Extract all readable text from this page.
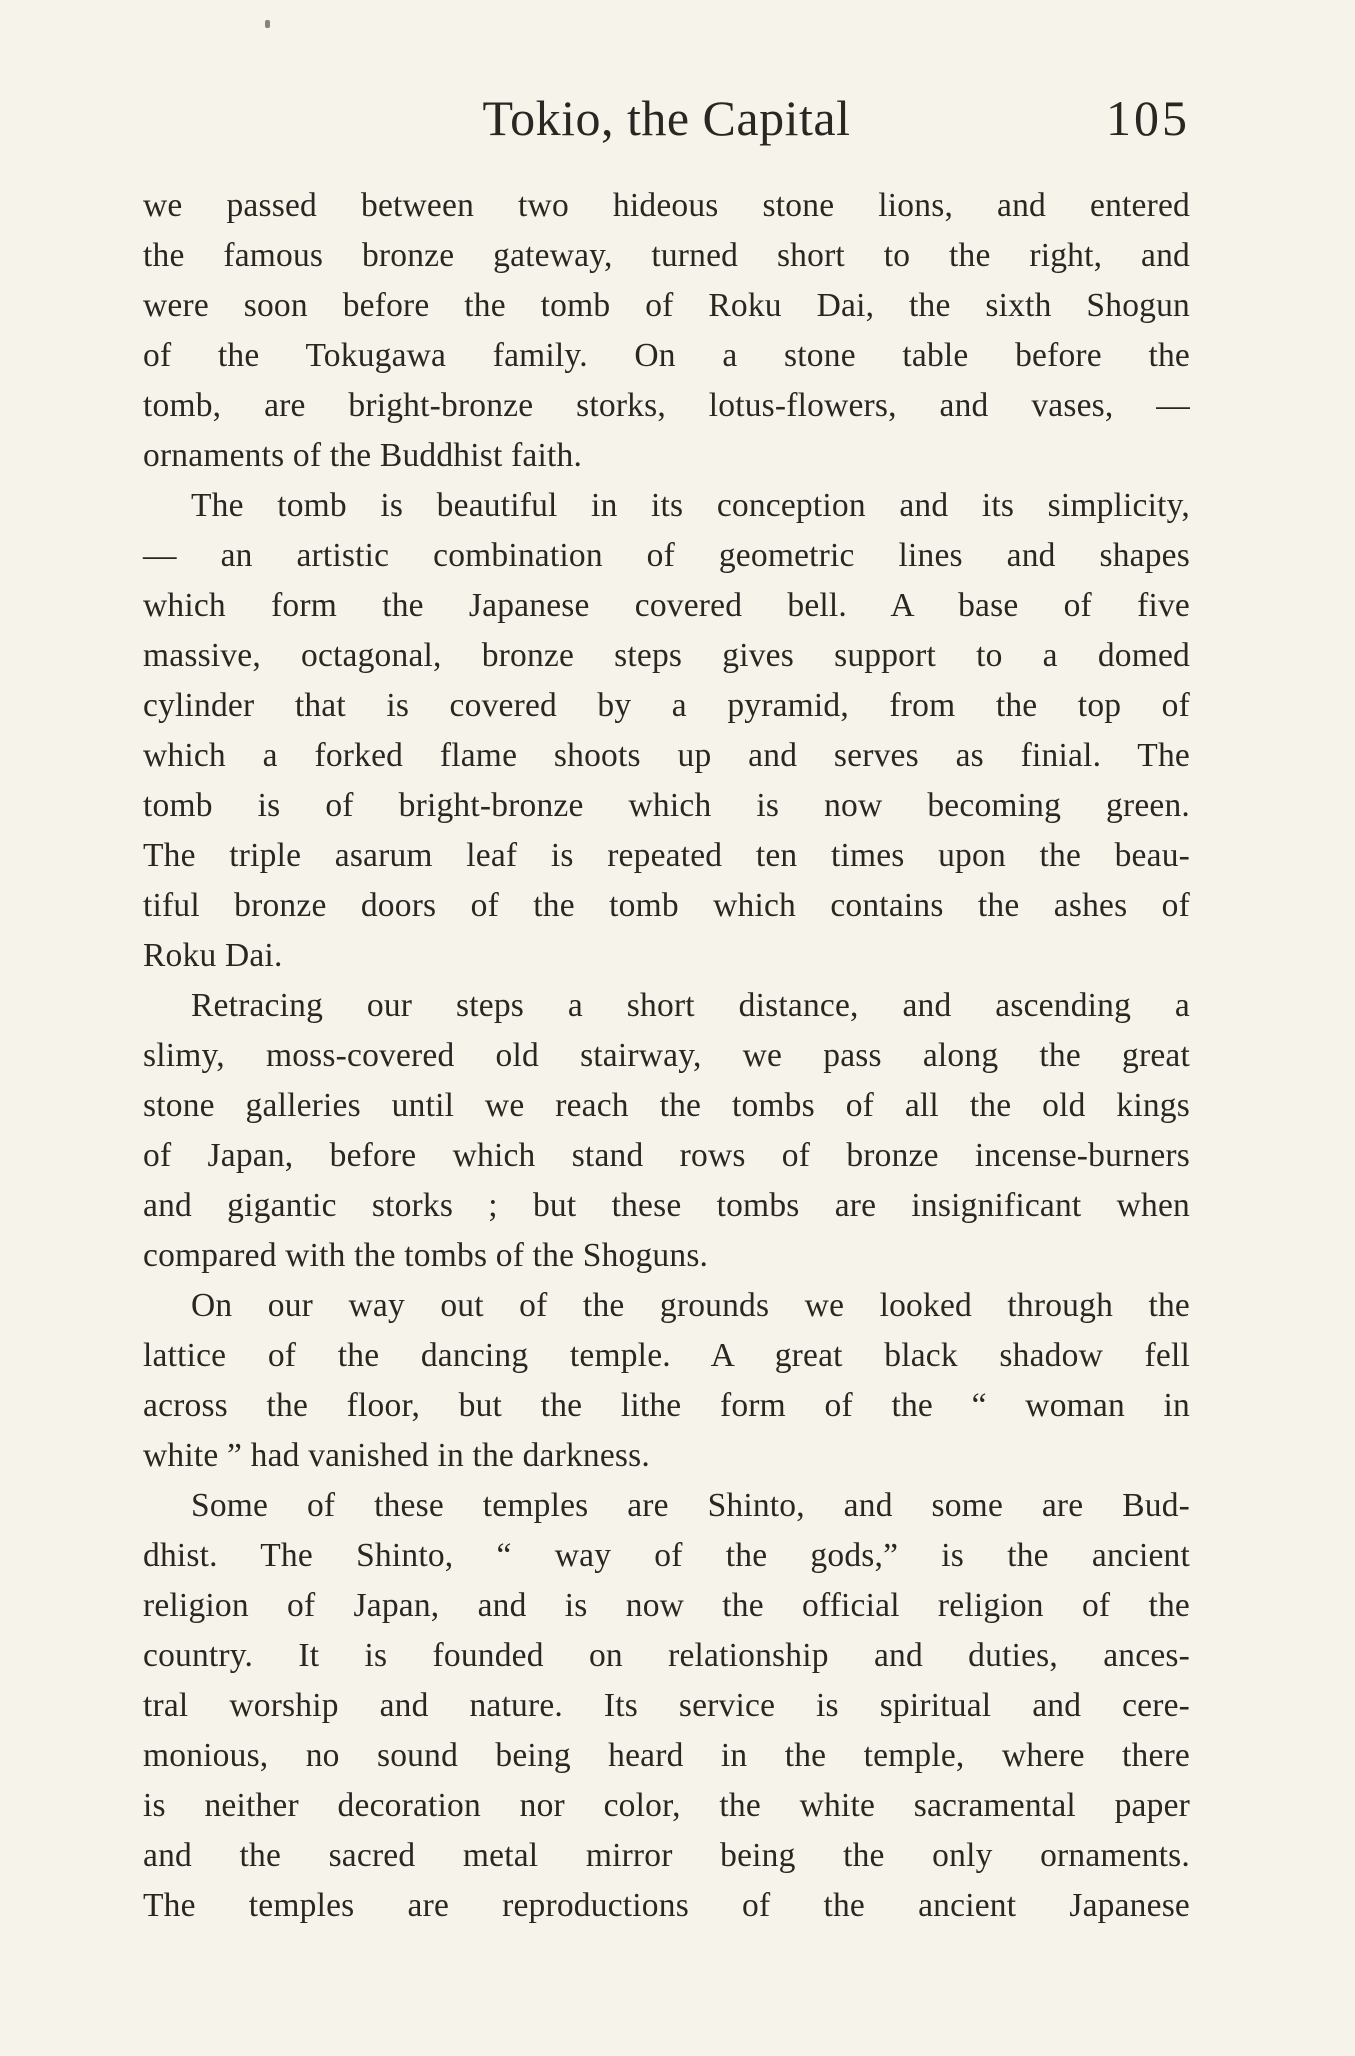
Tokio, the Capital	105
we passed between two hideous stone lions, and entered
the famous bronze gateway, turned short to the right, and
were soon before the tomb of Roku Dai, the sixth Shogun
of the Tokugawa family. On a stone table before the
tomb, are bright-bronze storks, lotus-flowers, and vases, —
ornaments of the Buddhist faith.
The tomb is beautiful in its conception and its simplicity,
— an artistic combination of geometric lines and shapes
which form the Japanese covered bell. A base of five
massive, octagonal, bronze steps gives support to a domed
cylinder that is covered by a pyramid, from the top of
which a forked flame shoots up and serves as finial. The
tomb is of bright-bronze which is now becoming green.
The triple asarum leaf is repeated ten times upon the beau-
tiful bronze doors of the tomb which contains the ashes of
Roku Dai.
Retracing our steps a short distance, and ascending a
slimy, moss-covered old stairway, we pass along the great
stone galleries until we reach the tombs of all the old kings
of Japan, before which stand rows of bronze incense-burners
and gigantic storks ; but these tombs are insignificant when
compared with the tombs of the Shoguns.
On our way out of the grounds we looked through the
lattice of the dancing temple. A great black shadow fell
across the floor, but the lithe form of the “ woman in
white ” had vanished in the darkness.
Some of these temples are Shinto, and some are Bud-
dhist. The Shinto, “ way of the gods,” is the ancient
religion of Japan, and is now the official religion of the
country. It is founded on relationship and duties, ances-
tral worship and nature. Its service is spiritual and cere-
monious, no sound being heard in the temple, where there
is neither decoration nor color, the white sacramental paper
and the sacred metal mirror being the only ornaments.
The temples are reproductions of the ancient Japanese
